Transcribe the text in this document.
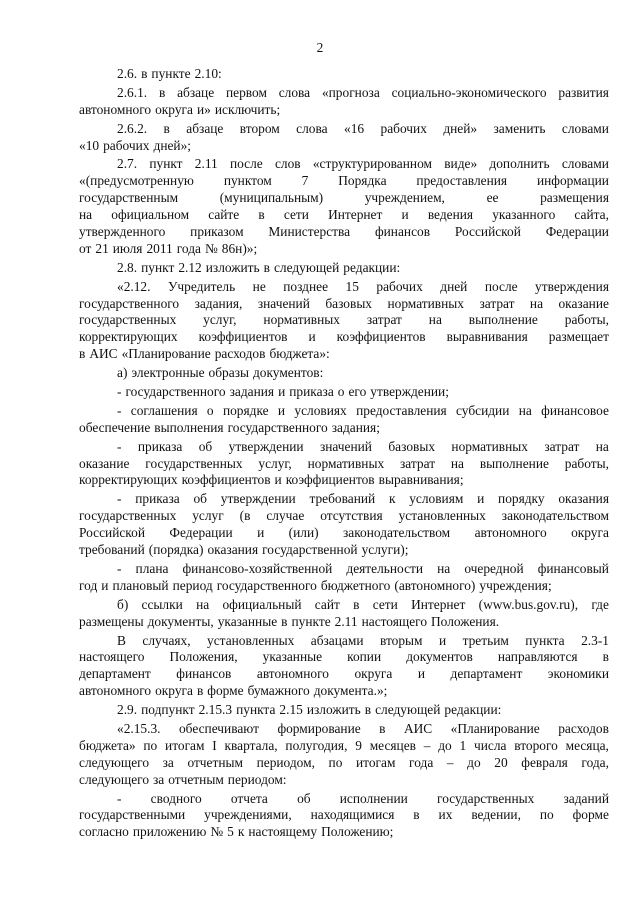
2
2.6. в пункте 2.10:
2.6.1. в абзаце первом слова «прогноза социально-экономического развития
автономного округа и» исключить;
2.6.2. в абзаце втором слова «16 рабочих дней» заменить словами
«10 рабочих дней»;
2.7. пункт 2.11 после слов «структурированном виде» дополнить словами
«(предусмотренную пунктом 7 Порядка предоставления информации
государственным	(муниципальным)	учреждением,	ее	размещения
на официальном сайте в сети Интернет и ведения указанного сайта,
утвержденного приказом Министерства финансов Российской Федерации
от 21 июля 2011 года № 86н)»;
2.8. пункт 2.12 изложить в следующей редакции:
«2.12. Учредитель не позднее 15 рабочих дней после утверждения
государственного задания, значений базовых нормативных затрат на оказание
государственных услуг, нормативных затрат на выполнение работы,
корректирующих коэффициентов и коэффициентов выравнивания размещает
в АИС «Планирование расходов бюджета»:
а) электронные образы документов:
- государственного задания и приказа о его утверждении;
- соглашения о порядке и условиях предоставления субсидии на финансовое
обеспечение выполнения государственного задания;
- приказа об утверждении значений базовых нормативных затрат на
оказание государственных услуг, нормативных затрат на выполнение работы,
корректирующих коэффициентов и коэффициентов выравнивания;
- приказа об утверждении требований к условиям и порядку оказания
государственных услуг (в случае отсутствия установленных законодательством
Российской Федерации и (или) законодательством автономного округа
требований (порядка) оказания государственной услуги);
- плана финансово-хозяйственной деятельности на очередной финансовый
год и плановый период государственного бюджетного (автономного) учреждения;
б) ссылки на официальный сайт в сети Интернет (www.bus.gov.ru), где
размещены документы, указанные в пункте 2.11 настоящего Положения.
В случаях, установленных абзацами вторым и третьим пункта 2.3-1
настоящего Положения, указанные копии документов направляются в
департамент финансов автономного округа и департамент экономики
автономного округа в форме бумажного документа.»;
2.9. подпункт 2.15.3 пункта 2.15 изложить в следующей редакции:
«2.15.3. обеспечивают формирование в АИС «Планирование расходов
бюджета» по итогам I квартала, полугодия, 9 месяцев – до 1 числа второго месяца,
следующего за отчетным периодом, по итогам года – до 20 февраля года,
следующего за отчетным периодом:
- сводного отчета об исполнении государственных заданий
государственными учреждениями, находящимися в их ведении, по форме
согласно приложению № 5 к настоящему Положению;
